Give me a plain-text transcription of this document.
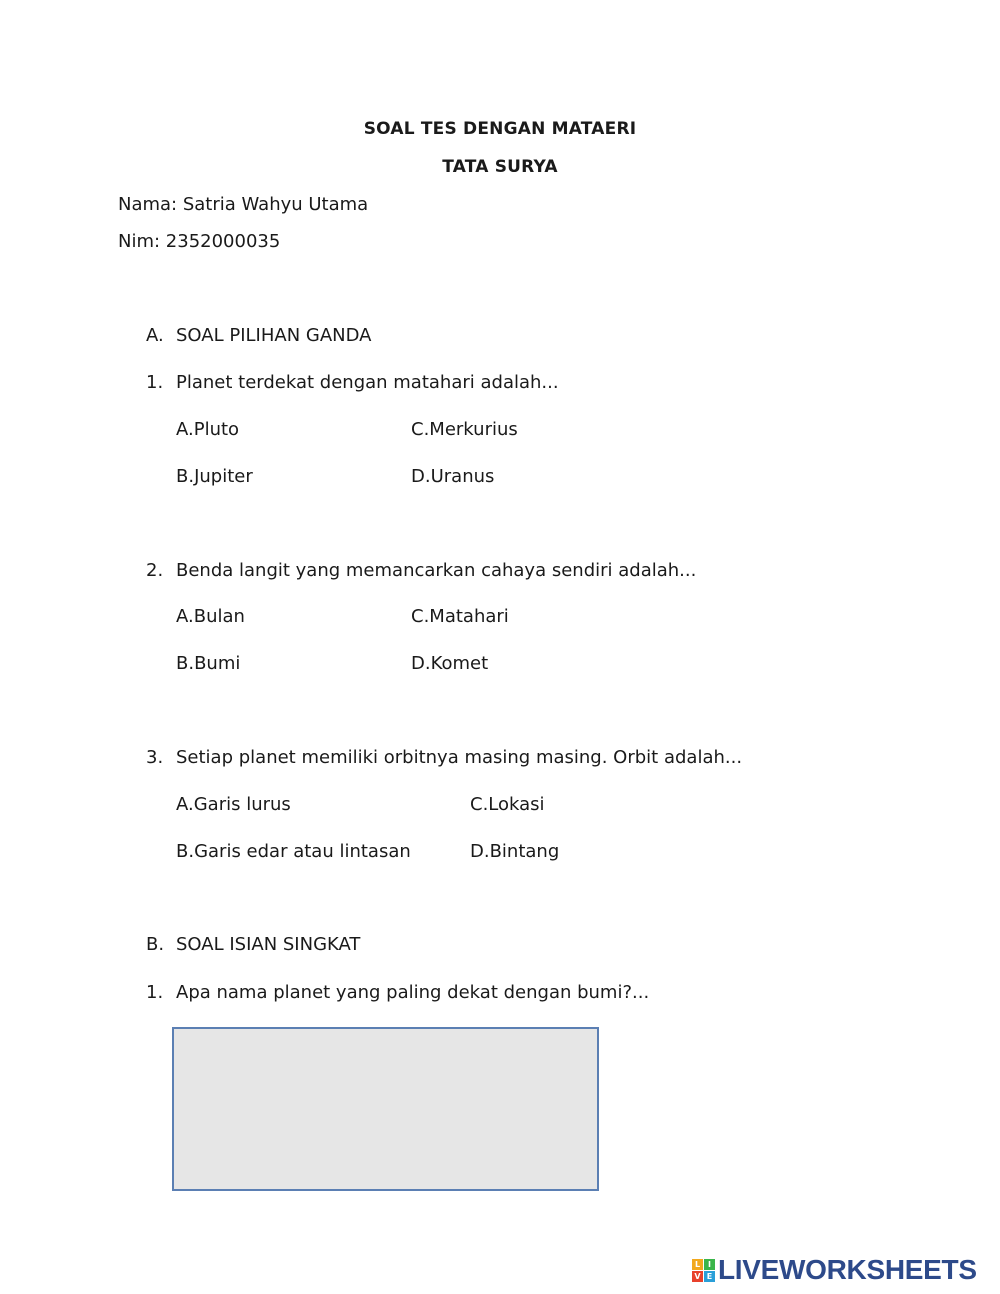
SOAL TES DENGAN MATAERI
TATA SURYA
Nama: Satria Wahyu Utama
Nim: 2352000035
A. SOAL PILIHAN GANDA
1. Planet terdekat dengan matahari adalah...
A.Pluto	C.Merkurius
B.Jupiter	D.Uranus
2. Benda langit yang memancarkan cahaya sendiri adalah...
A.Bulan	C.Matahari
B.Bumi	D.Komet
3. Setiap planet memiliki orbitnya masing masing. Orbit adalah...
A.Garis lurus	C.Lokasi
B.Garis edar atau lintasan	D.Bintang
B. SOAL ISIAN SINGKAT
1. Apa nama planet yang paling dekat dengan bumi?...
L I
V E LIVEWORKSHEETS
